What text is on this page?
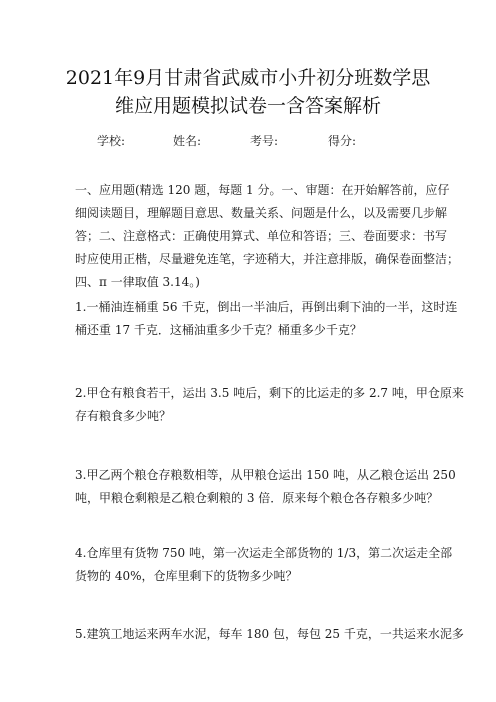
2021年9月甘肃省武威市小升初分班数学思
维应用题模拟试卷一含答案解析
学校:	姓名:	考号:	得分:
一、应用题(精选 120 题，每题 1 分。一、审题：在开始解答前，应仔
细阅读题目，理解题目意思、数量关系、问题是什么，以及需要几步解
答；二、注意格式：正确使用算式、单位和答语；三、卷面要求：书写
时应使用正楷，尽量避免连笔，字迹稍大，并注意排版，确保卷面整洁；
四、π 一律取值 3.14。)
1.一桶油连桶重 56 千克，倒出一半油后，再倒出剩下油的一半，这时连
桶还重 17 千克．这桶油重多少千克？桶重多少千克？
2.甲仓有粮食若干，运出 3.5 吨后，剩下的比运走的多 2.7 吨，甲仓原来
存有粮食多少吨？
3.甲乙两个粮仓存粮数相等，从甲粮仓运出 150 吨，从乙粮仓运出 250
吨，甲粮仓剩粮是乙粮仓剩粮的 3 倍．原来每个粮仓各存粮多少吨？
4.仓库里有货物 750 吨，第一次运走全部货物的 1/3，第二次运走全部
货物的 40%，仓库里剩下的货物多少吨？
5.建筑工地运来两车水泥，每车 180 包，每包 25 千克，一共运来水泥多
